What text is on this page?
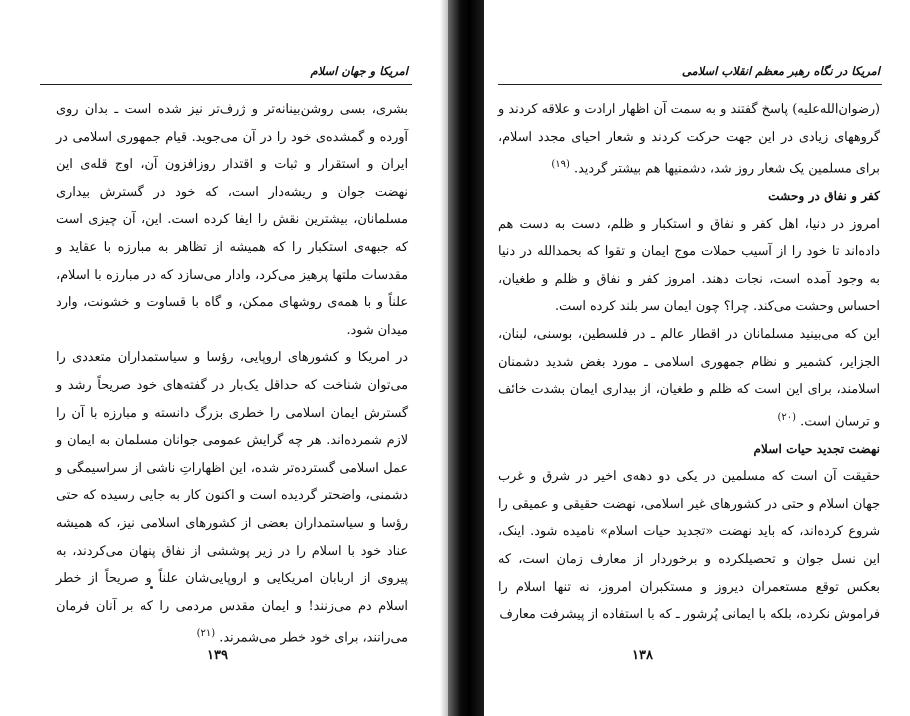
امریکا و جهان اسلام

بشری، بسی روشن‌بینانه‌تر و ژرف‌تر نیز شده است ـ بدان روی آورده و گمشده‌ی خود را در آن می‌جوید. قیام جمهوری اسلامی در ایران و استقرار و ثبات و اقتدار روزافزون آن، اوج قله‌ی این نهضت جوان و ریشه‌دار است، که خود در گسترش بیداری مسلمانان، بیشترین نقش را ایفا کرده است. این، آن چیزی است که جبهه‌ی استکبار را که همیشه از تظاهر به مبارزه با عقاید و مقدسات ملتها پرهیز می‌کرد، وادار می‌سازد که در مبارزه با اسلام، علناً و با همه‌ی روشهای ممکن، و گاه با قساوت و خشونت، وارد میدان شود.

در امریکا و کشورهای اروپایی، رؤسا و سیاستمداران متعددی را می‌توان شناخت که حداقل یک‌بار در گفته‌های خود صریحاً رشد و گسترش ایمان اسلامی را خطری بزرگ دانسته و مبارزه با آن را لازم شمرده‌اند. هر چه گرایش عمومی جوانان مسلمان به ایمان و عمل اسلامی گسترده‌تر شده، این اظهاراتِ ناشی از سراسیمگی و دشمنی، واضحتر گردیده است و اکنون کار به جایی رسیده که حتی رؤسا و سیاستمداران بعضی از کشورهای اسلامی نیز، که همیشه عناد خود با اسلام را در زیر پوششی از نفاق پنهان می‌کردند، به پیروی از اربابان امریکایی و اروپایی‌شان علناً و صریحاً از خطر اسلام دم می‌زنند! و ایمان مقدس مردمی را که بر آنان فرمان می‌رانند، برای خود خطر می‌شمرند. $^{(۲۱)}$

۱۳۹
امریکا در نگاه رهبر معظم انقلاب اسلامی

(رضوان‌الله‌علیه) پاسخ گفتند و به سمت آن اظهار ارادت و علاقه کردند و گروههای زیادی در این جهت حرکت کردند و شعار احیای مجدد اسلام، برای مسلمین یک شعار روز شد، دشمنیها هم بیشتر گردید. $^{(۱۹)}$

کفر و نفاق در وحشت

امروز در دنیا، اهل کفر و نفاق و استکبار و ظلم، دست به دست هم داده‌اند تا خود را از آسیب حملات موج ایمان و تقوا که بحمدالله در دنیا به وجود آمده است، نجات دهند. امروز کفر و نفاق و ظلم و طغیان، احساس وحشت می‌کند. چرا؟ چون ایمان سر بلند کرده است.

این که می‌بینید مسلمانان در اقطار عالم ـ در فلسطین، بوسنی، لبنان، الجزایر، کشمیر و نظام جمهوری اسلامی ـ مورد بغض شدید دشمنان اسلامند، برای این است که ظلم و طغیان، از بیداری ایمان بشدت خائف و ترسان است. $^{(۲۰)}$

نهضت تجدید حیات اسلام

حقیقت آن است که مسلمین در یکی دو دهه‌ی اخیر در شرق و غرب جهان اسلام و حتی در کشورهای غیر اسلامی، نهضت حقیقی و عمیقی را شروع کرده‌اند، که باید نهضت «تجدید حیات اسلام» نامیده شود. اینک، این نسل جوان و تحصیلکرده و برخوردار از معارف زمان است، که بعکس توقع مستعمران دیروز و مستکبران امروز، نه تنها اسلام را فراموش نکرده، بلکه با ایمانی پُرشور ـ که با استفاده از پیشرفت معارف

۱۳۸
